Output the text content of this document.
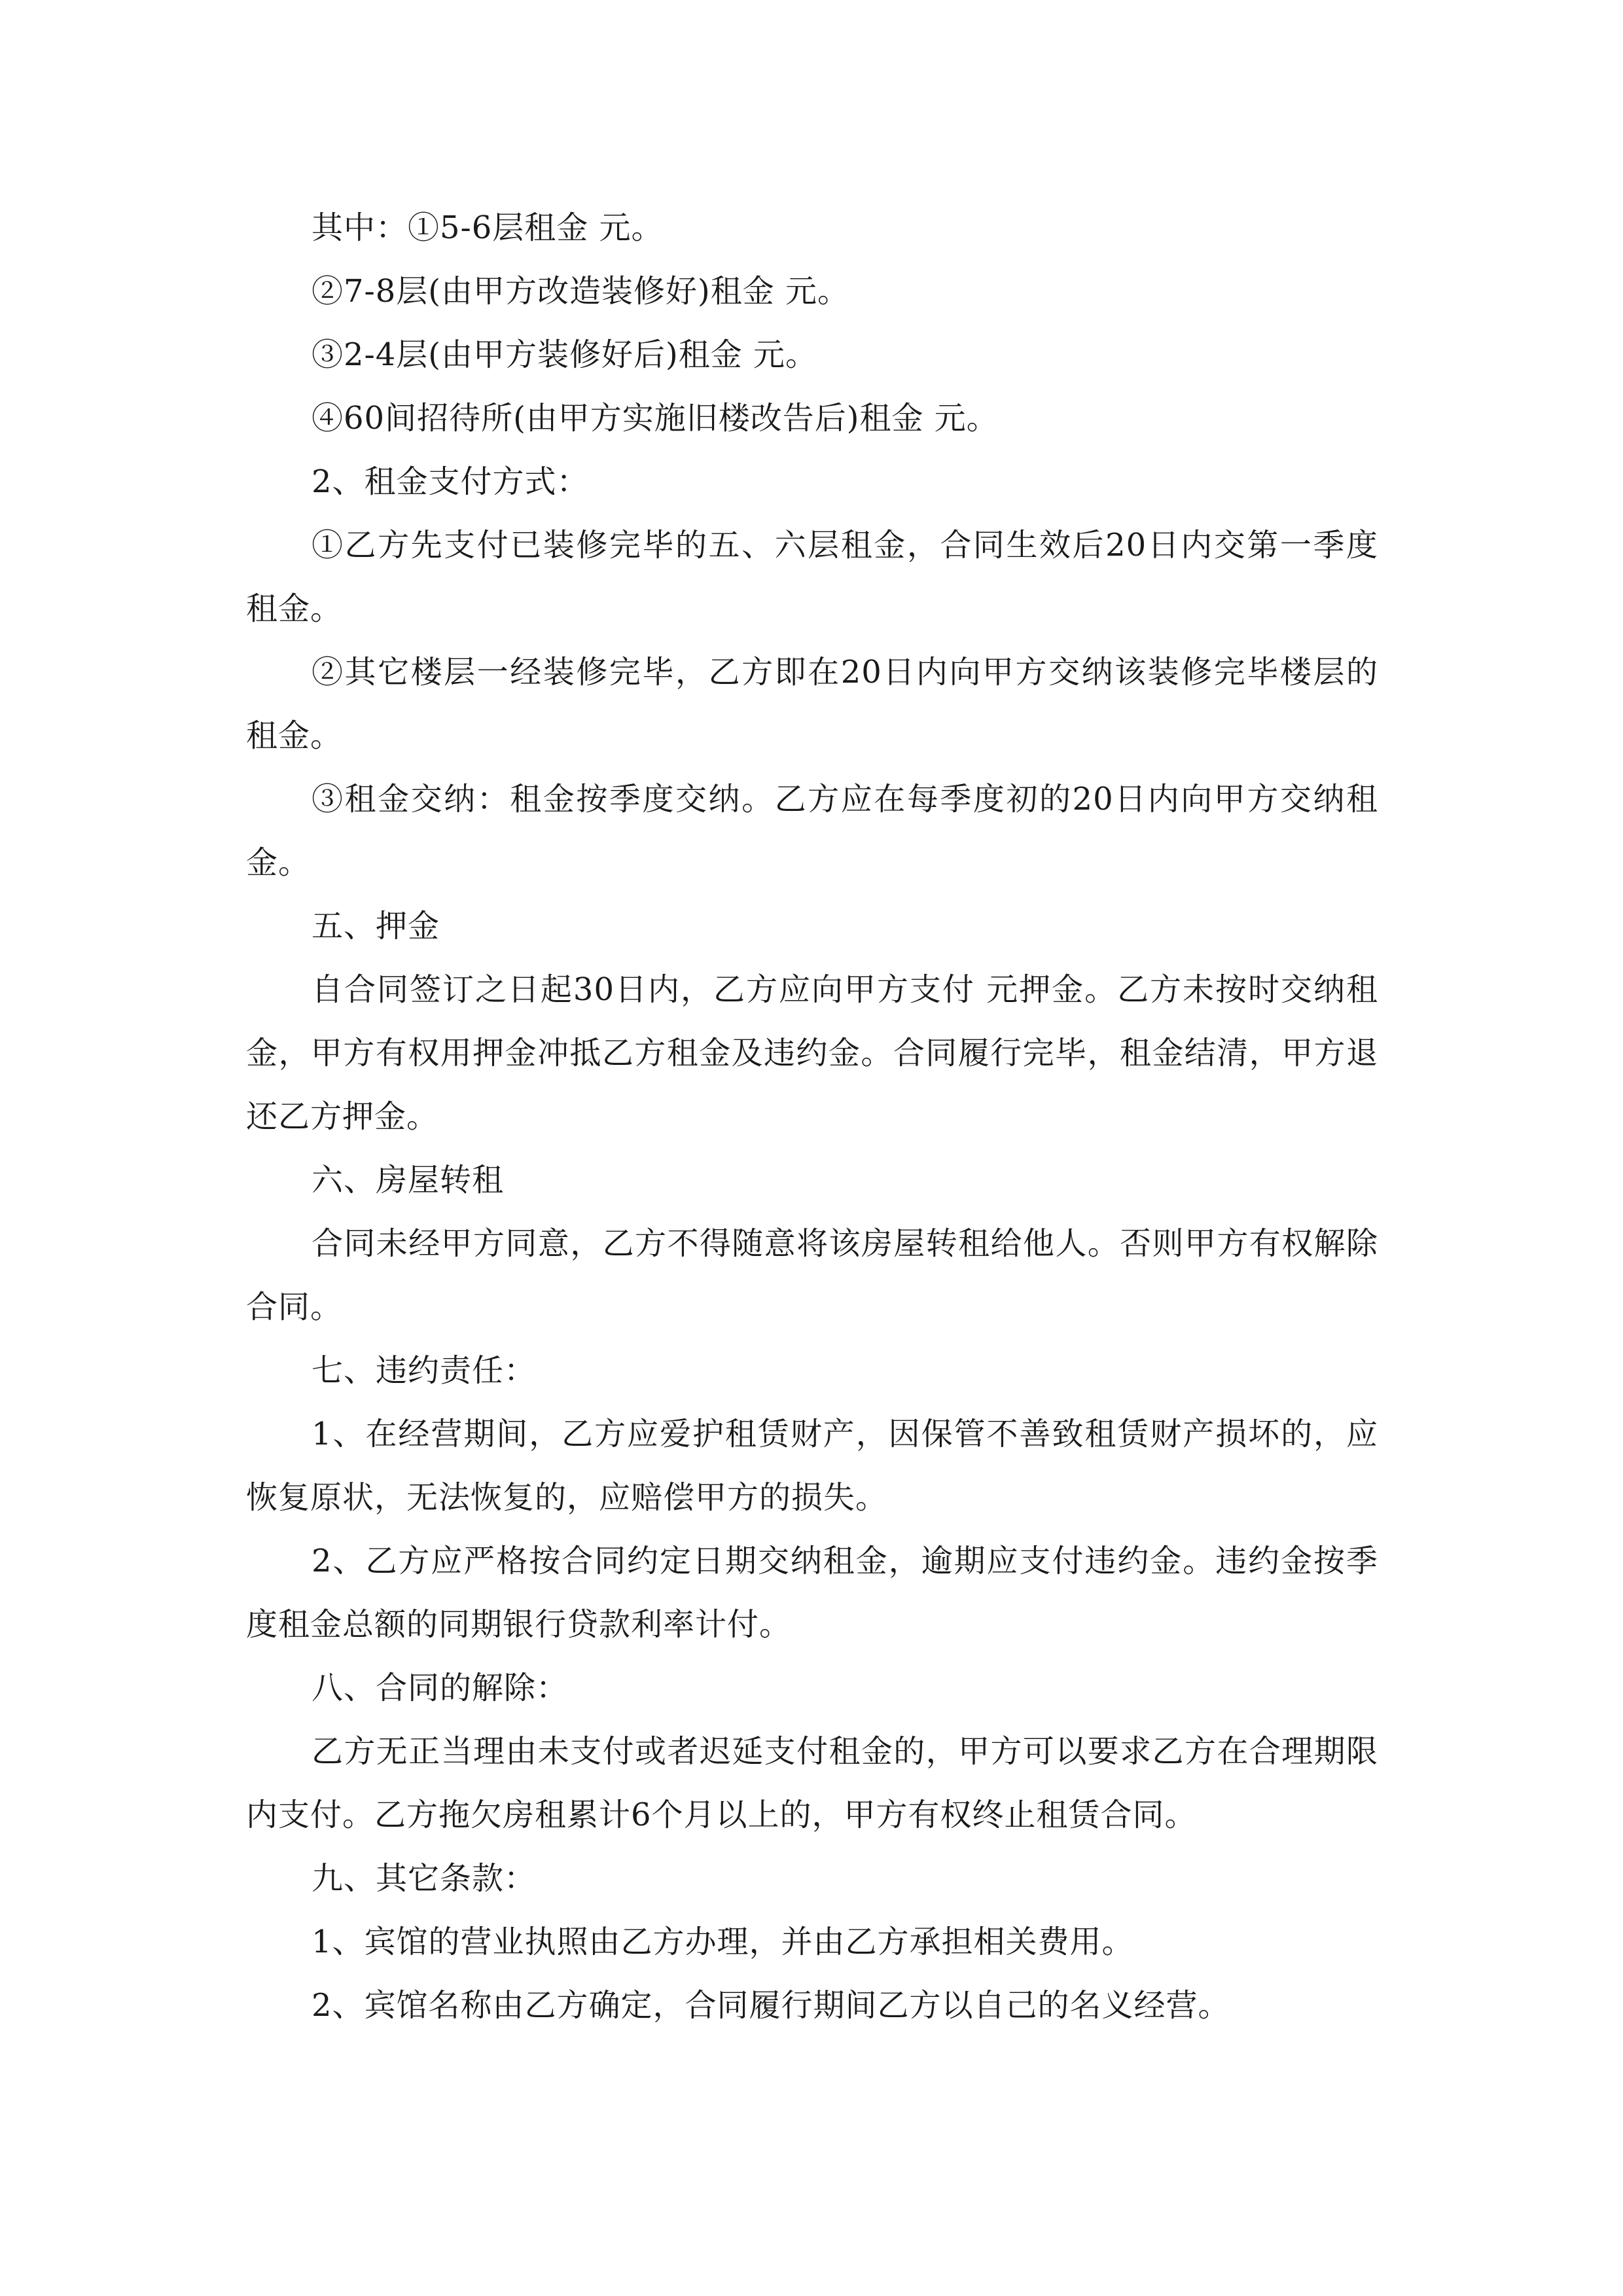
其中：①5-6层租金 元。

②7-8层(由甲方改造装修好)租金 元。

③2-4层(由甲方装修好后)租金 元。

④60间招待所(由甲方实施旧楼改告后)租金 元。

2、租金支付方式：

①乙方先支付已装修完毕的五、六层租金，合同生效后20日内交第一季度租金。

②其它楼层一经装修完毕，乙方即在20日内向甲方交纳该装修完毕楼层的租金。

③租金交纳：租金按季度交纳。乙方应在每季度初的20日内向甲方交纳租金。

五、押金

自合同签订之日起30日内，乙方应向甲方支付 元押金。乙方未按时交纳租金，甲方有权用押金冲抵乙方租金及违约金。合同履行完毕，租金结清，甲方退还乙方押金。

六、房屋转租

合同未经甲方同意，乙方不得随意将该房屋转租给他人。否则甲方有权解除合同。

七、违约责任：

1、在经营期间，乙方应爱护租赁财产，因保管不善致租赁财产损坏的，应恢复原状，无法恢复的，应赔偿甲方的损失。

2、乙方应严格按合同约定日期交纳租金，逾期应支付违约金。违约金按季度租金总额的同期银行贷款利率计付。

八、合同的解除：

乙方无正当理由未支付或者迟延支付租金的，甲方可以要求乙方在合理期限内支付。乙方拖欠房租累计6个月以上的，甲方有权终止租赁合同。

九、其它条款：

1、宾馆的营业执照由乙方办理，并由乙方承担相关费用。

2、宾馆名称由乙方确定，合同履行期间乙方以自己的名义经营。
